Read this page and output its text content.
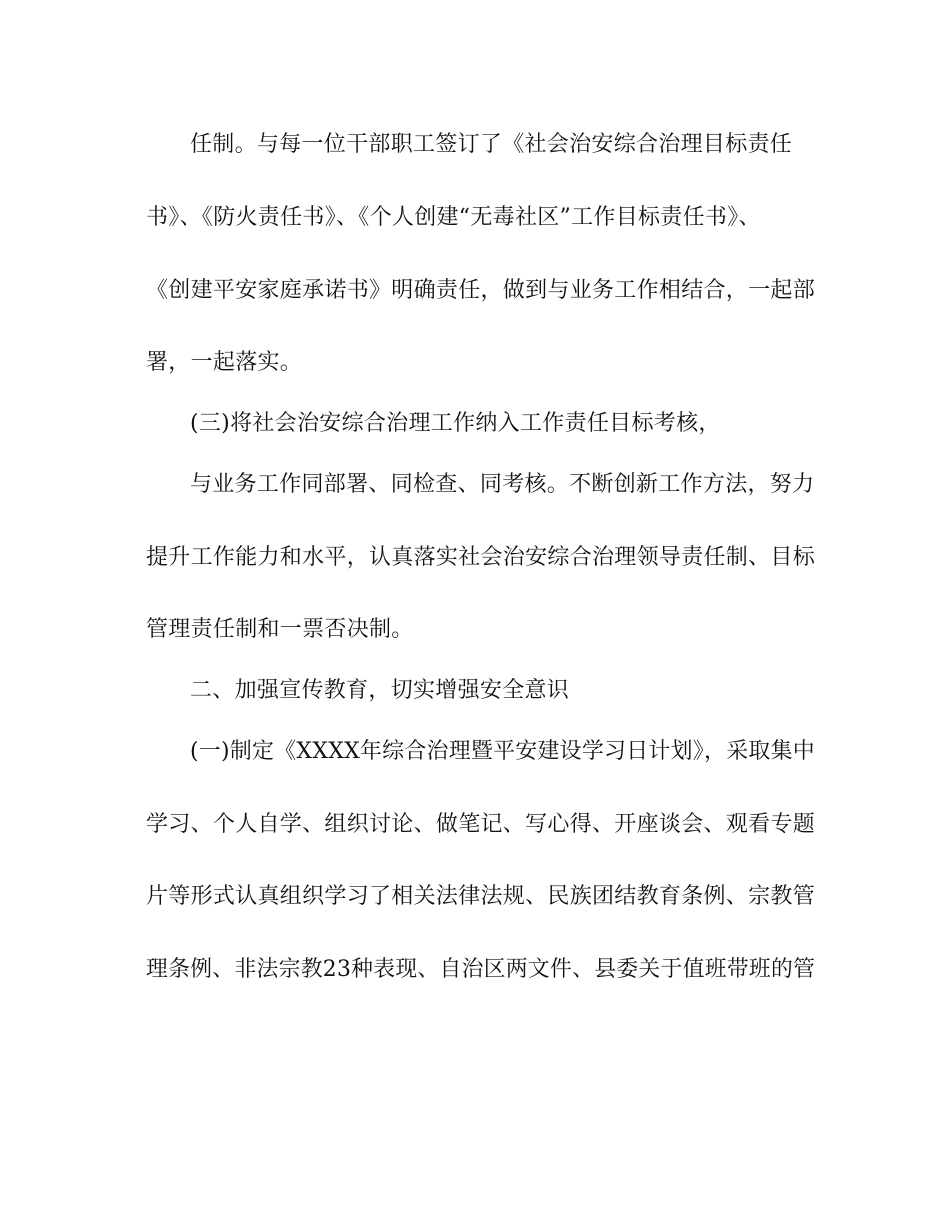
任制。与每一位干部职工签订了《社会治安综合治理目标责任
书》、《防火责任书》、《个人创建“无毒社区”工作目标责任书》、
《创建平安家庭承诺书》明确责任，做到与业务工作相结合，一起部
署，一起落实。
(三)将社会治安综合治理工作纳入工作责任目标考核，
与业务工作同部署、同检查、同考核。不断创新工作方法，努力
提升工作能力和水平，认真落实社会治安综合治理领导责任制、目标
管理责任制和一票否决制。
二、加强宣传教育，切实增强安全意识
(一)制定《XXXX年综合治理暨平安建设学习日计划》，采取集中
学习、个人自学、组织讨论、做笔记、写心得、开座谈会、观看专题
片等形式认真组织学习了相关法律法规、民族团结教育条例、宗教管
理条例、非法宗教23种表现、自治区两文件、县委关于值班带班的管
